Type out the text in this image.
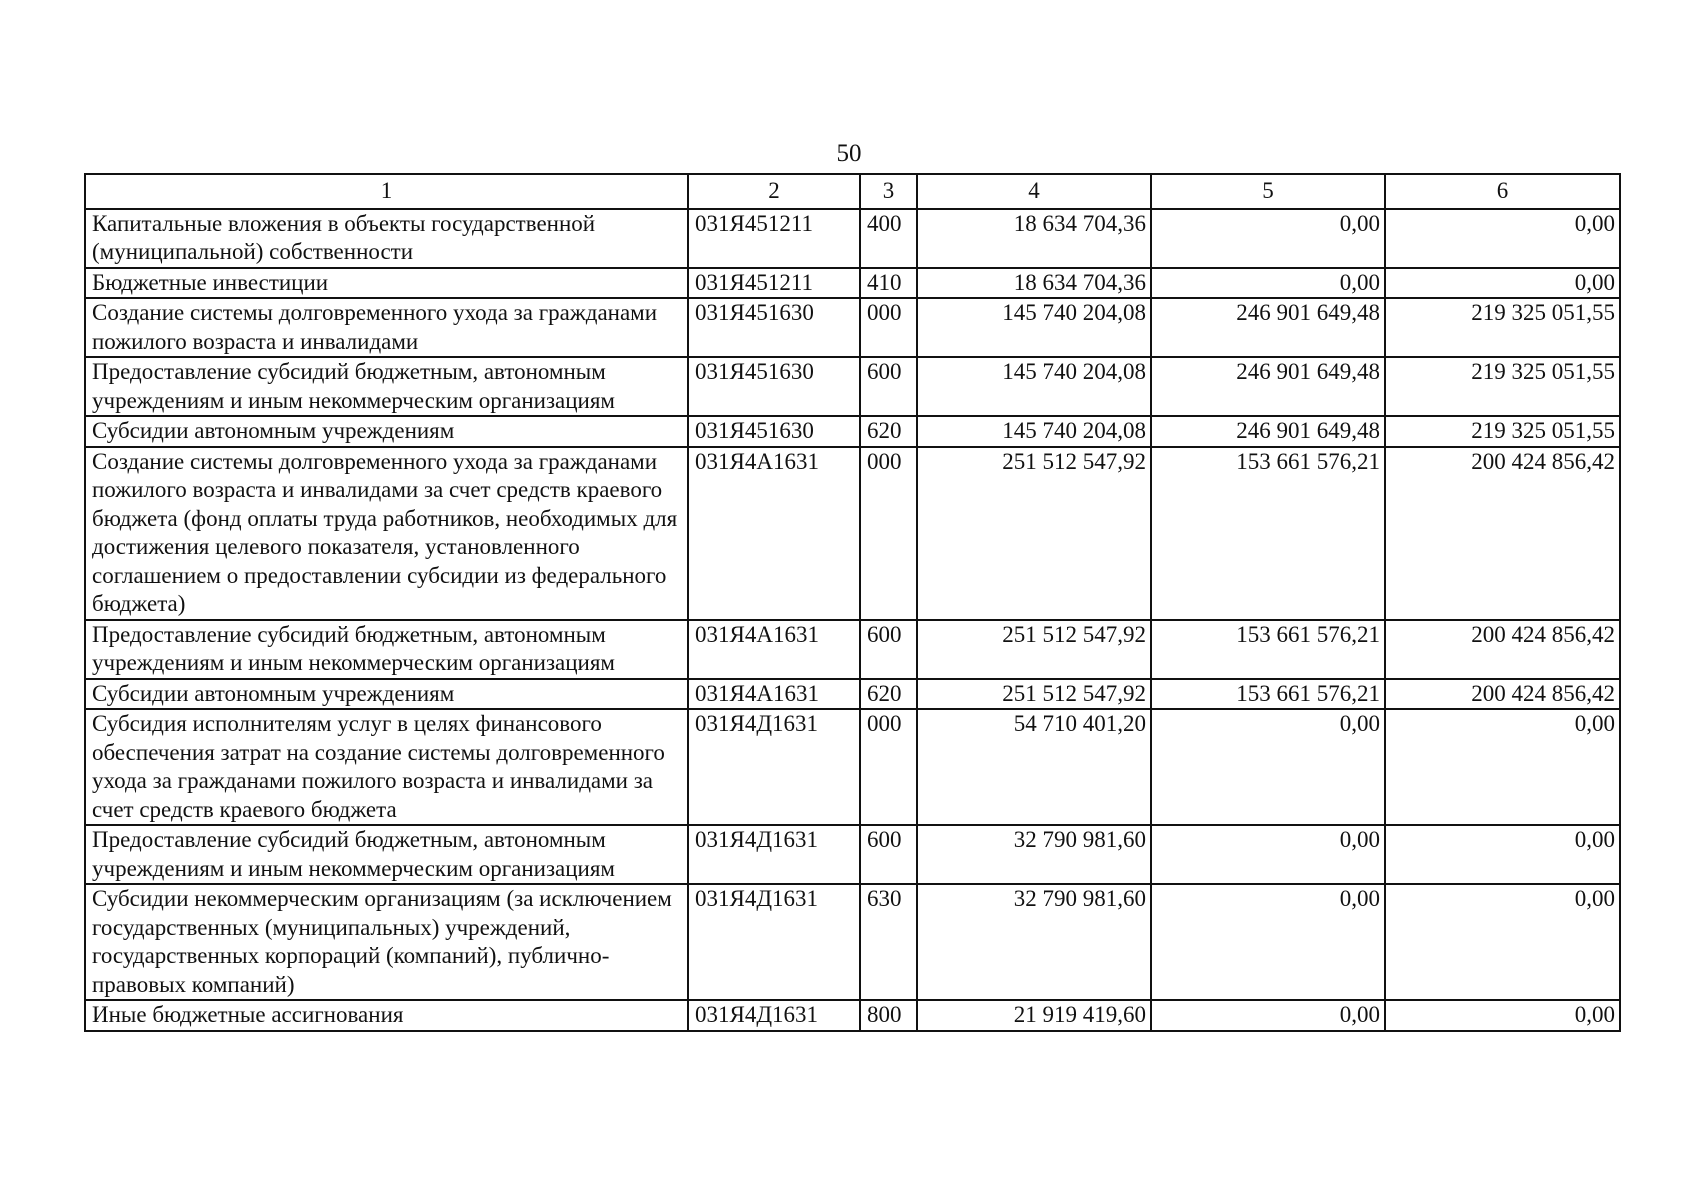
50
1	2	3	4	5	6
Капитальные вложения в объекты государственной (муниципальной) собственности	031Я451211	400	18 634 704,36	0,00	0,00
Бюджетные инвестиции	031Я451211	410	18 634 704,36	0,00	0,00
Создание системы долговременного ухода за гражданами пожилого возраста и инвалидами	031Я451630	000	145 740 204,08	246 901 649,48	219 325 051,55
Предоставление субсидий бюджетным, автономным учреждениям и иным некоммерческим организациям	031Я451630	600	145 740 204,08	246 901 649,48	219 325 051,55
Субсидии автономным учреждениям	031Я451630	620	145 740 204,08	246 901 649,48	219 325 051,55
Создание системы долговременного ухода за гражданами пожилого возраста и инвалидами за счет средств краевого бюджета (фонд оплаты труда работников, необходимых для достижения целевого показателя, установленного соглашением о предоставлении субсидии из федерального бюджета)	031Я4А1631	000	251 512 547,92	153 661 576,21	200 424 856,42
Предоставление субсидий бюджетным, автономным учреждениям и иным некоммерческим организациям	031Я4А1631	600	251 512 547,92	153 661 576,21	200 424 856,42
Субсидии автономным учреждениям	031Я4А1631	620	251 512 547,92	153 661 576,21	200 424 856,42
Субсидия исполнителям услуг в целях финансового обеспечения затрат на создание системы долговременного ухода за гражданами пожилого возраста и инвалидами за счет средств краевого бюджета	031Я4Д1631	000	54 710 401,20	0,00	0,00
Предоставление субсидий бюджетным, автономным учреждениям и иным некоммерческим организациям	031Я4Д1631	600	32 790 981,60	0,00	0,00
Субсидии некоммерческим организациям (за исключением государственных (муниципальных) учреждений, государственных корпораций (компаний), публично-правовых компаний)	031Я4Д1631	630	32 790 981,60	0,00	0,00
Иные бюджетные ассигнования	031Я4Д1631	800	21 919 419,60	0,00	0,00
